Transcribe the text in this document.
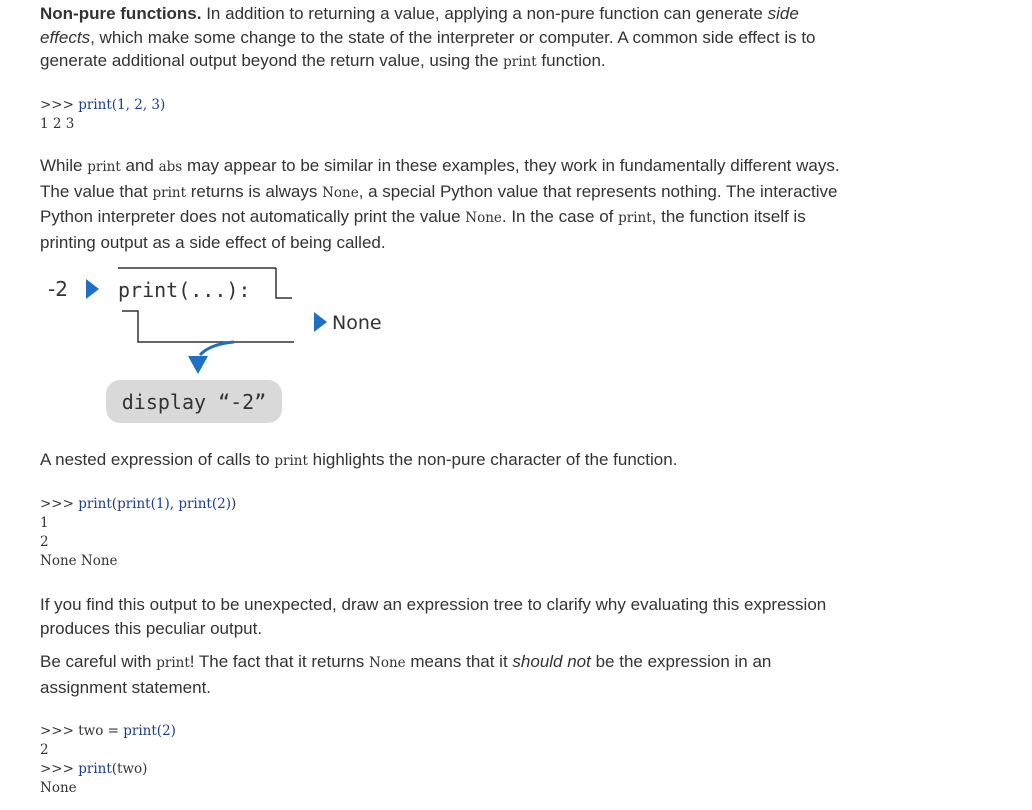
Non-pure functions. In addition to returning a value, applying a non-pure function can generate side effects, which make some change to the state of the interpreter or computer. A common side effect is to generate additional output beyond the return value, using the print function.

>>> print(1, 2, 3)
1 2 3

While print and abs may appear to be similar in these examples, they work in fundamentally different ways. The value that print returns is always None, a special Python value that represents nothing. The interactive Python interpreter does not automatically print the value None. In the case of print, the function itself is printing output as a side effect of being called.

-2	print(...):
None
display “-2”

A nested expression of calls to print highlights the non-pure character of the function.

>>> print(print(1), print(2))
1
2
None None

If you find this output to be unexpected, draw an expression tree to clarify why evaluating this expression produces this peculiar output.

Be careful with print! The fact that it returns None means that it should not be the expression in an assignment statement.

>>> two = print(2)
2
>>> print(two)
None
